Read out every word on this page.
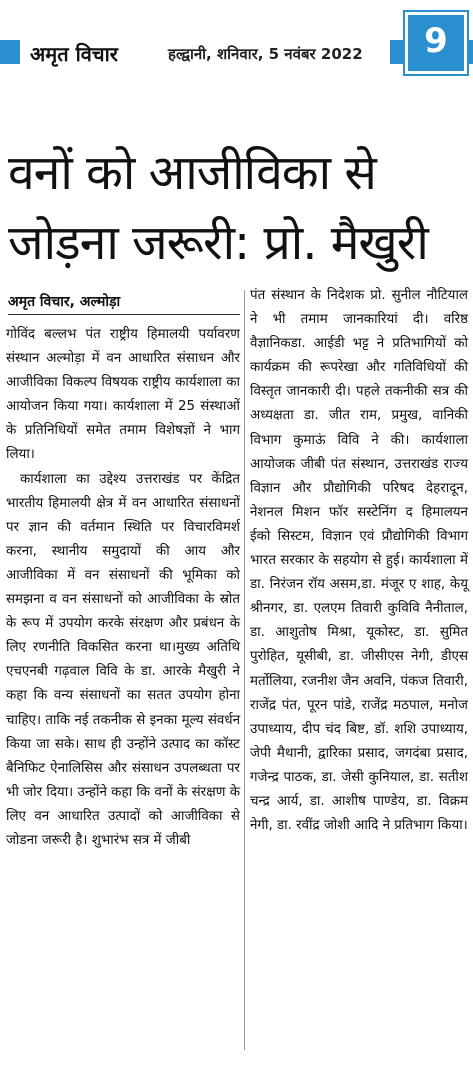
अमृत विचार	हल्द्वानी, शनिवार, 5 नवंबर 2022	9
वनों को आजीविका से
जोड़ना जरूरी: प्रो. मैखुरी
अमृत विचार, अल्मोड़ा

गोविंद बल्लभ पंत राष्ट्रीय हिमालयी पर्यावरण संस्थान अल्मोड़ा में वन आधारित संसाधन और आजीविका विकल्प विषयक राष्ट्रीय कार्यशाला का आयोजन किया गया। कार्यशाला में 25 संस्थाओं के प्रतिनिधियों समेत तमाम विशेषज्ञों ने भाग लिया।

कार्यशाला का उद्देश्य उत्तराखंड पर केंद्रित भारतीय हिमालयी क्षेत्र में वन आधारित संसाधनों पर ज्ञान की वर्तमान स्थिति पर विचारविमर्श करना, स्थानीय समुदायों की आय और आजीविका में वन संसाधनों की भूमिका को समझना व वन संसाधनों को आजीविका के स्रोत के रूप में उपयोग करके संरक्षण और प्रबंधन के लिए रणनीति विकसित करना था।मुख्य अतिथि एचएनबी गढ़वाल विवि के डा. आरके मैखुरी ने कहा कि वन्य संसाधनों का सतत उपयोग होना चाहिए। ताकि नई तकनीक से इनका मूल्य संवर्धन किया जा सके। साथ ही उन्होंने उत्पाद का कॉस्ट बैनिफिट ऐनालिसिस और संसाधन उपलब्धता पर भी जोर दिया। उन्होंने कहा कि वनों के संरक्षण के लिए वन आधारित उत्पादों को आजीविका से जोडना जरूरी है। शुभारंभ सत्र में जीबी

पंत संस्थान के निदेशक प्रो. सुनील नौटियाल ने भी तमाम जानकारियां दी। वरिष्ठ वैज्ञानिकडा. आईडी भट्ट ने प्रतिभागियों को कार्यक्रम की रूपरेखा और गतिविधियों की विस्तृत जानकारी दी। पहले तकनीकी सत्र की अध्यक्षता डा. जीत राम, प्रमुख, वानिकी विभाग कुमाऊं विवि ने की। कार्यशाला आयोजक जीबी पंत संस्थान, उत्तराखंड राज्य विज्ञान और प्रौद्योगिकी परिषद देहरादून, नेशनल मिशन फॉर सस्टेनिंग द हिमालयन ईको सिस्टम, विज्ञान एवं प्रौद्योगिकी विभाग भारत सरकार के सहयोग से हुई। कार्यशाला में डा. निरंजन रॉय असम,डा. मंजूर ए शाह, केयू श्रीनगर, डा. एलएम तिवारी कुविवि नैनीताल, डा. आशुतोष मिश्रा, यूकोस्ट, डा. सुमित पुरोहित, यूसीबी, डा. जीसीएस नेगी, डीएस मर्तोलिया, रजनीश जैन अवनि, पंकज तिवारी, राजेंद्र पंत, पूरन पांडे, राजेंद्र मठपाल, मनोज उपाध्याय, दीप चंद बिष्ट, डॉ. शशि उपाध्याय, जेपी मैथानी, द्वारिका प्रसाद, जगदंबा प्रसाद, गजेन्द्र पाठक, डा. जेसी कुनियाल, डा. सतीश चन्द्र आर्य, डा. आशीष पाण्डेय, डा. विक्रम नेगी, डा. रवींद्र जोशी आदि ने प्रतिभाग किया।
